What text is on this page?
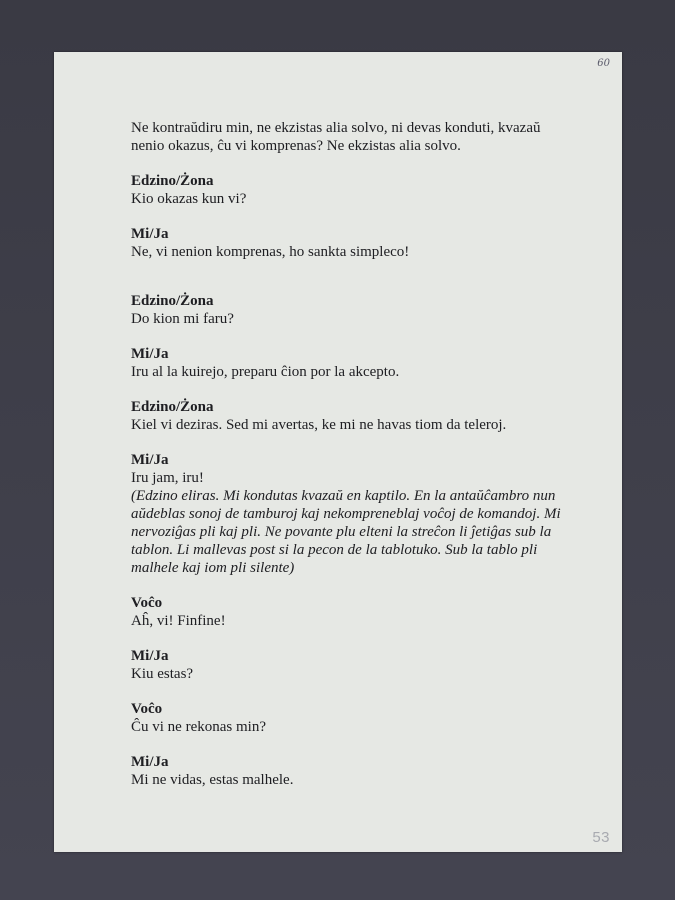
60

Ne kontraŭdiru min, ne ekzistas alia solvo, ni devas konduti, kvazaŭ nenio okazus, ĉu vi komprenas? Ne ekzistas alia solvo.

Edzino/Żona
Kio okazas kun vi?
Mi/Ja
Ne, vi nenion komprenas, ho sankta simpleco!
Edzino/Żona
Do kion mi faru?
Mi/Ja
Iru al la kuirejo, preparu ĉion por la akcepto.
Edzino/Żona
Kiel vi deziras. Sed mi avertas, ke mi ne havas tiom da teleroj.
Mi/Ja
Iru jam, iru!
(Edzino eliras. Mi kondutas kvazaŭ en kaptilo. En la antaŭĉambro nun aŭdeblas sonoj de tamburoj kaj nekompreneblaj voĉoj de komandoj. Mi nervoziĝas pli kaj pli. Ne povante plu elteni la streĉon li ĵetiĝas sub la tablon. Li mallevas post si la pecon de la tablotuko. Sub la tablo pli malhele kaj iom pli silente)
Voĉo
Aĥ, vi! Finfine!
Mi/Ja
Kiu estas?
Voĉo
Ĉu vi ne rekonas min?
Mi/Ja
Mi ne vidas, estas malhele.
53
